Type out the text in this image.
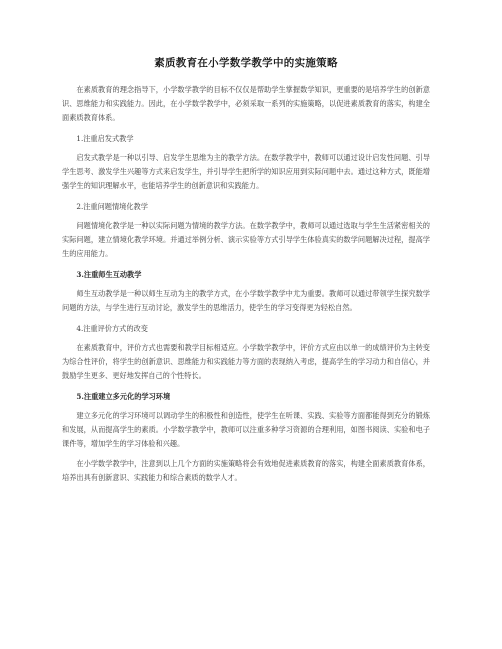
素质教育在小学数学教学中的实施策略

在素质教育的理念指导下，小学数学教学的目标不仅仅是帮助学生掌握数学知识，更重要的是培养学生的创新意识、思维能力和实践能力。因此，在小学数学教学中，必须采取一系列的实施策略，以促进素质教育的落实，构建全面素质教育体系。

1.注重启发式教学

启发式教学是一种以引导、启发学生思维为主的教学方法。在数学教学中，教师可以通过设计启发性问题、引导学生思考、激发学生兴趣等方式来启发学生，并引导学生把所学的知识应用到实际问题中去。通过这种方式，既能增强学生的知识理解水平，也能培养学生的创新意识和实践能力。

2.注重问题情境化教学

问题情境化教学是一种以实际问题为情境的教学方法。在数学教学中，教师可以通过选取与学生生活紧密相关的实际问题，建立情境化教学环境。并通过举例分析、演示实验等方式引导学生体验真实的数学问题解决过程，提高学生的应用能力。

3.注重师生互动教学

师生互动教学是一种以师生互动为主的教学方式，在小学数学教学中尤为重要。教师可以通过带领学生探究数学问题的方法，与学生进行互动讨论，激发学生的思维活力，使学生的学习变得更为轻松自然。

4.注重评价方式的改变

在素质教育中，评价方式也需要和教学目标相适应。小学数学教学中，评价方式应由以单一的成绩评价为主转变为综合性评价，将学生的创新意识、思维能力和实践能力等方面的表现纳入考虑，提高学生的学习动力和自信心，并鼓励学生更多、更好地发挥自己的个性特长。

5.注重建立多元化的学习环境

建立多元化的学习环境可以调动学生的积极性和创造性，使学生在听课、实践、实验等方面都能得到充分的锻炼和发展，从而提高学生的素质。小学数学教学中，教师可以注重多种学习资源的合理利用，如图书阅读、实验和电子课件等，增加学生的学习体验和兴趣。

在小学数学教学中，注意到以上几个方面的实施策略将会有效地促进素质教育的落实，构建全面素质教育体系，培养出具有创新意识、实践能力和综合素质的数学人才。
